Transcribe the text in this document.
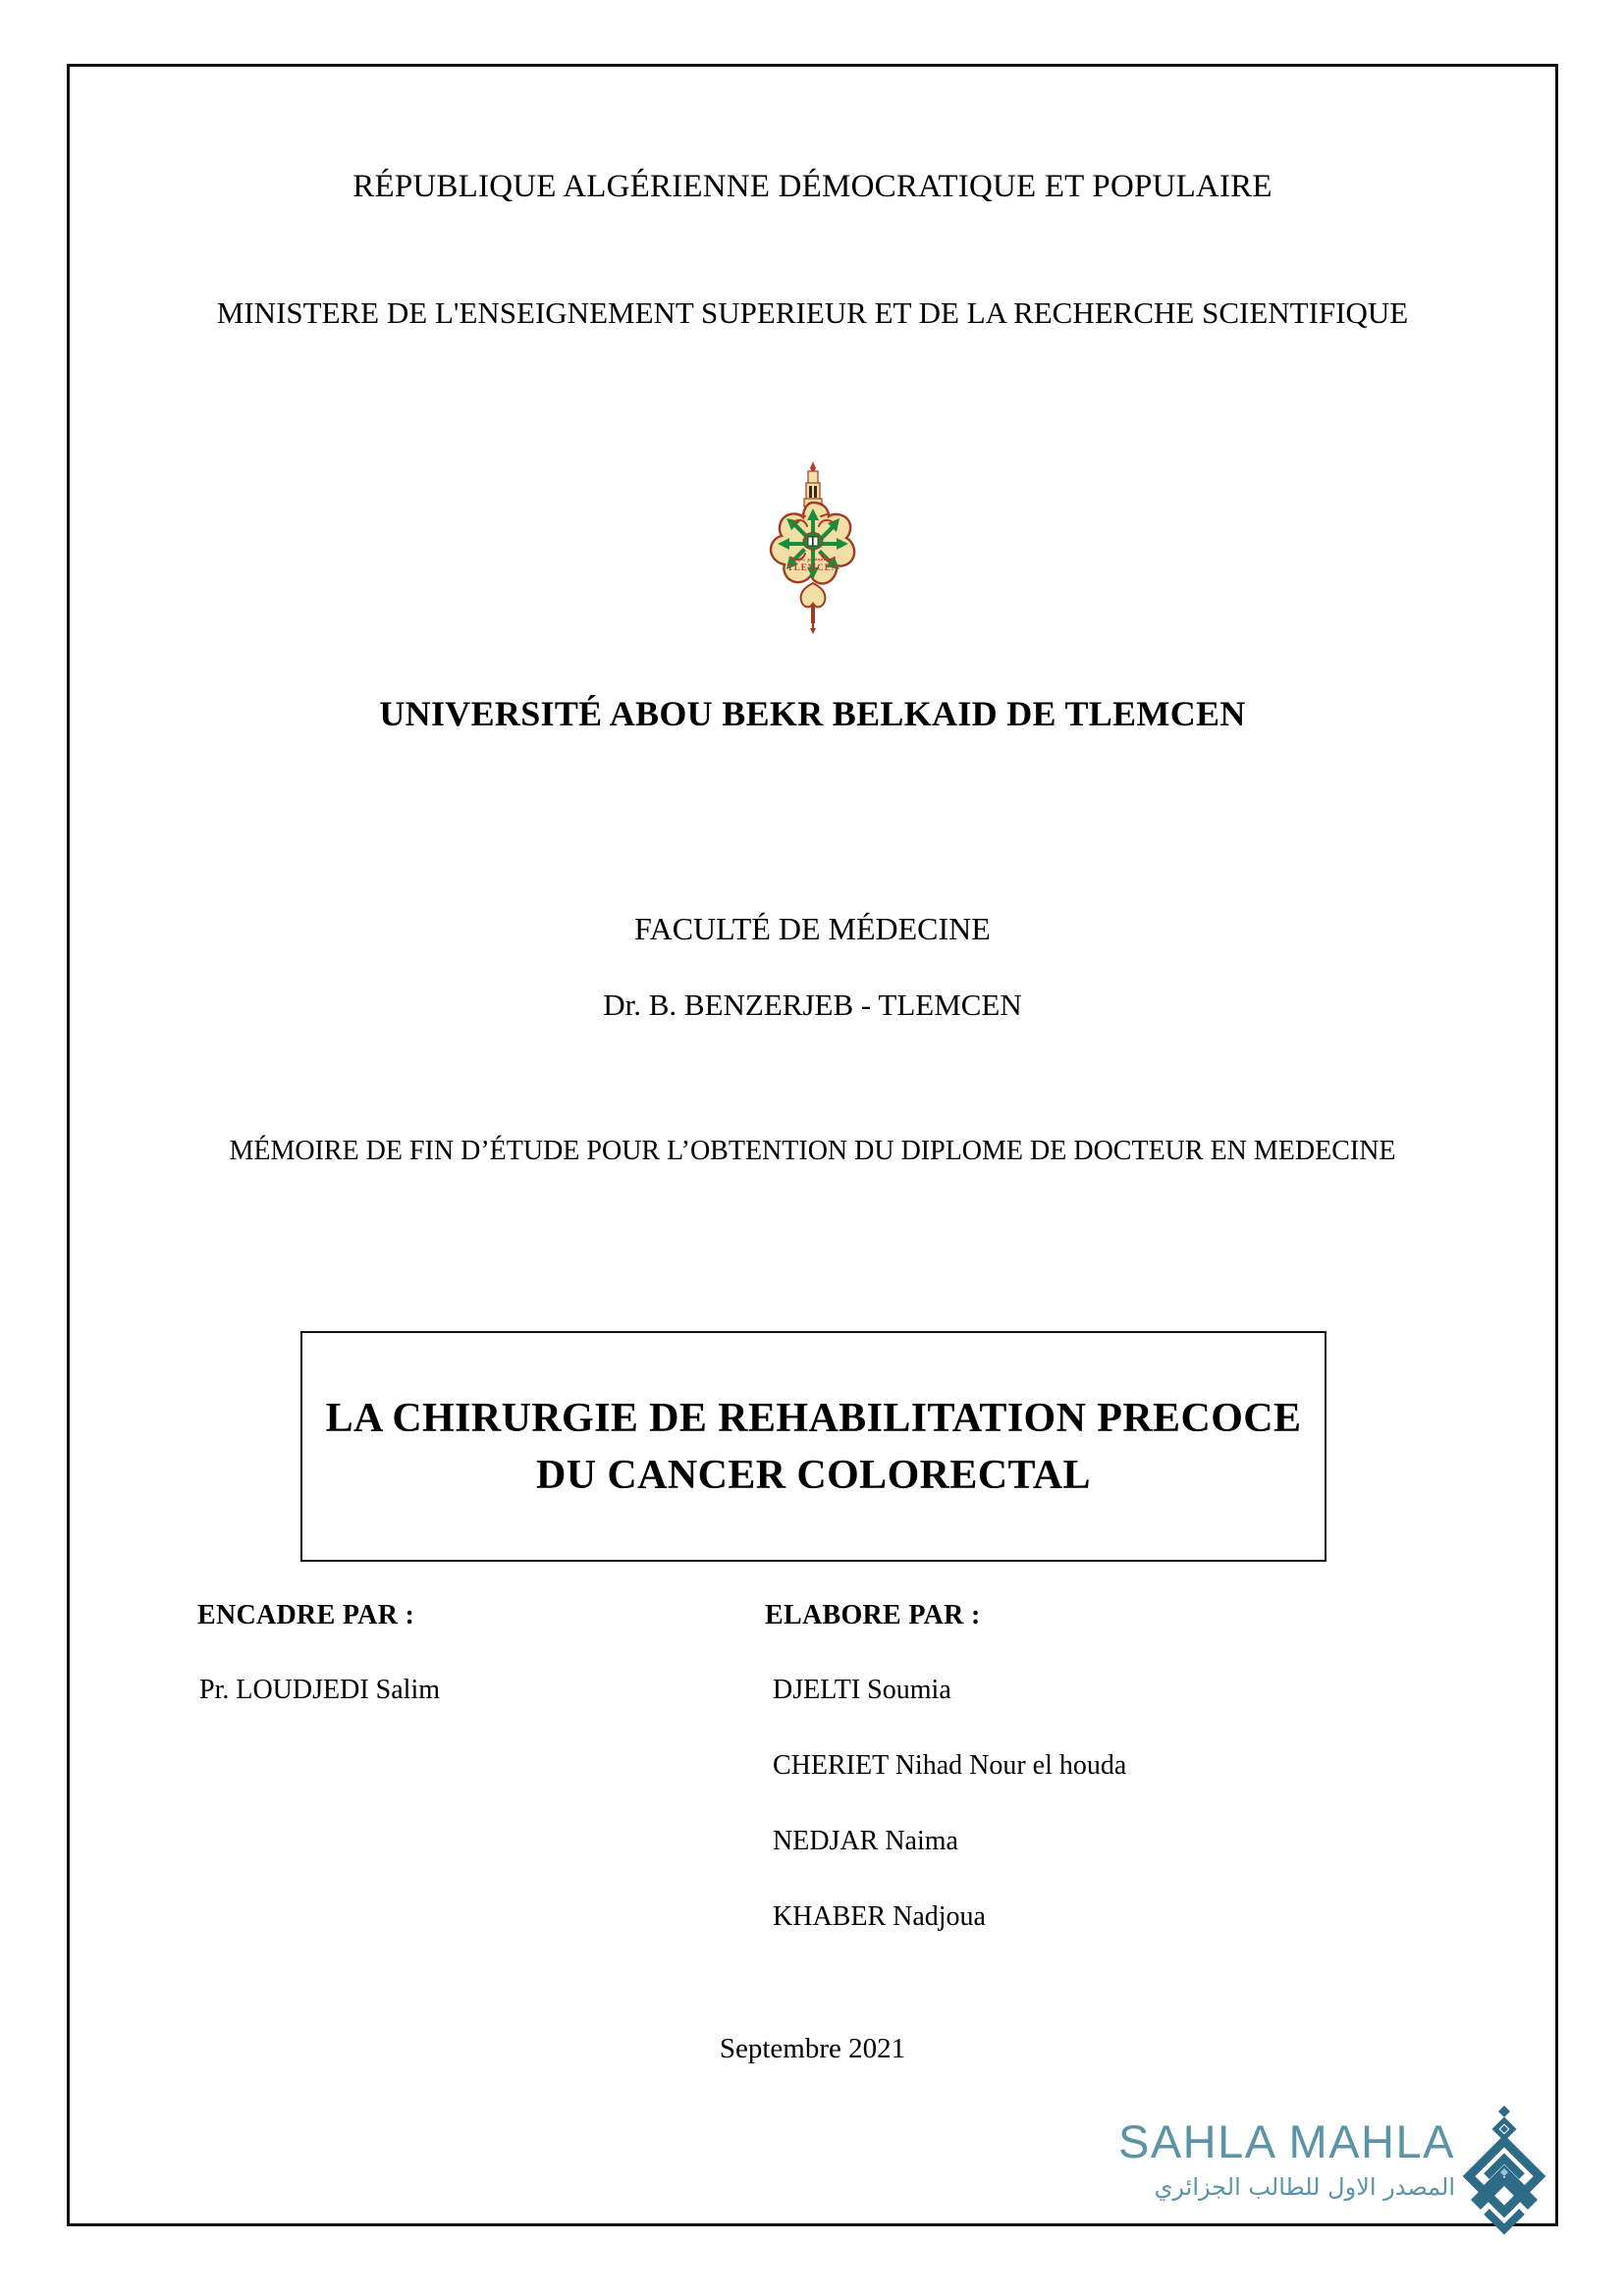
RÉPUBLIQUE ALGÉRIENNE DÉMOCRATIQUE ET POPULAIRE
MINISTERE DE L'ENSEIGNEMENT SUPERIEUR ET DE LA RECHERCHE SCIENTIFIQUE
TLEMCEN
جامعة ابو بكر
UNIVERSITÉ ABOU BEKR BELKAID DE TLEMCEN
FACULTÉ DE MÉDECINE
Dr. B. BENZERJEB - TLEMCEN
MÉMOIRE DE FIN D’ÉTUDE POUR L’OBTENTION DU DIPLOME DE DOCTEUR EN MEDECINE
LA CHIRURGIE DE REHABILITATION PRECOCE DU CANCER COLORECTAL
ENCADRE PAR :
Pr. LOUDJEDI Salim
ELABORE PAR :
DJELTI Soumia
CHERIET Nihad Nour el houda
NEDJAR Naima
KHABER Nadjoua
Septembre 2021
SAHLA MAHLA
المصدر الاول للطالب الجزائري
